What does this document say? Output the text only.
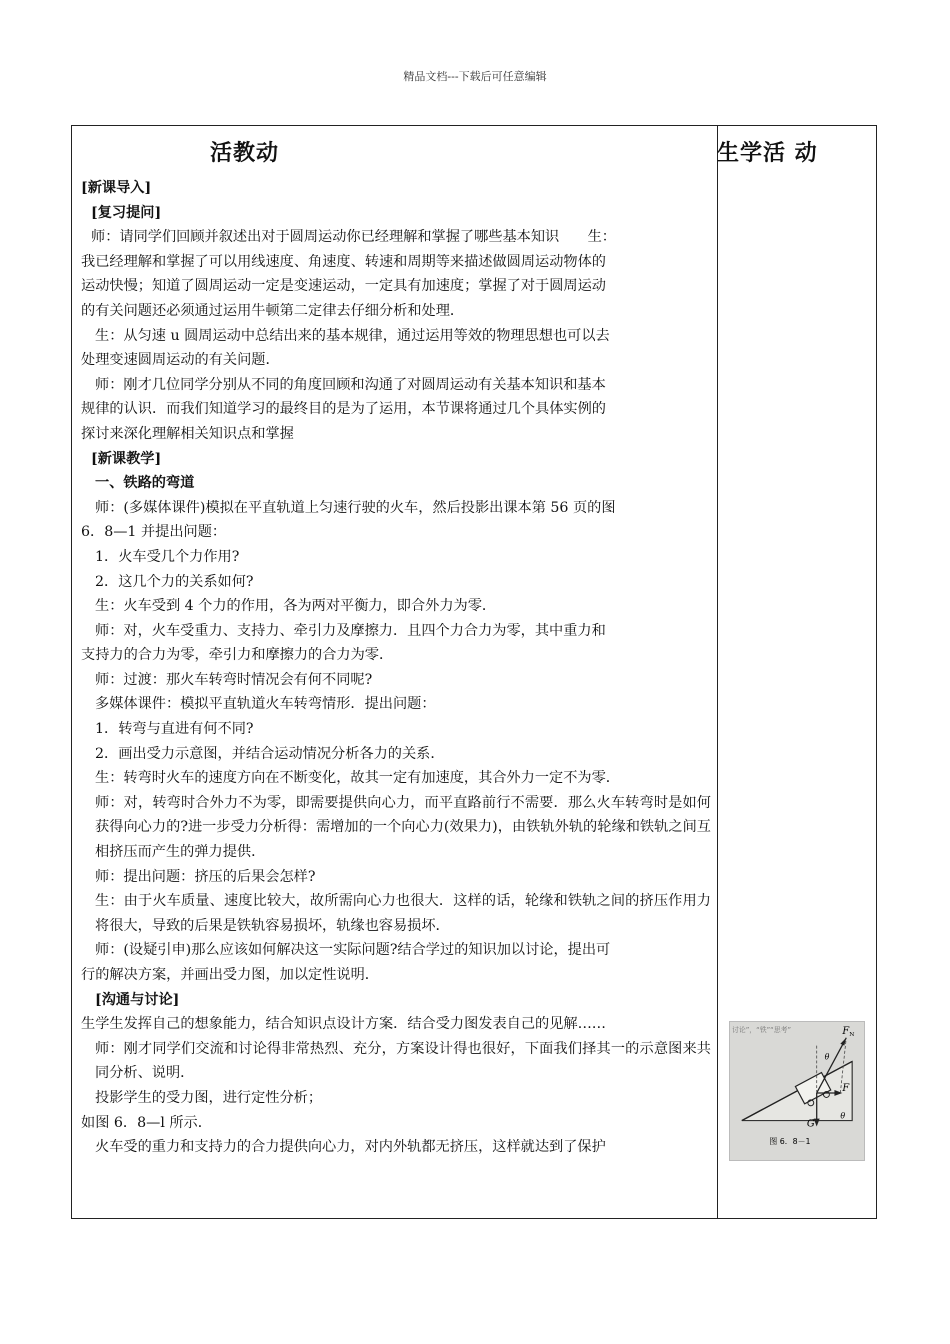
精品文档---下载后可任意编辑
活教动	生学活 动

[新课导入]

[复习提问]

师：请同学们回顾并叙述出对于圆周运动你已经理解和掌握了哪些基本知识　　生：

我已经理解和掌握了可以用线速度、角速度、转速和周期等来描述做圆周运动物体的

运动快慢；知道了圆周运动一定是变速运动，一定具有加速度；掌握了对于圆周运动

的有关问题还必须通过运用牛顿第二定律去仔细分析和处理．

生：从匀速 u 圆周运动中总结出来的基本规律，通过运用等效的物理思想也可以去

处理变速圆周运动的有关问题．

师：刚才几位同学分别从不同的角度回顾和沟通了对圆周运动有关基本知识和基本

规律的认识．而我们知道学习的最终目的是为了运用，本节课将通过几个具体实例的

探讨来深化理解相关知识点和掌握

[新课教学]

一、铁路的弯道

师：(多媒体课件)模拟在平直轨道上匀速行驶的火车，然后投影出课本第 56 页的图

6．8—1 并提出问题：

1．火车受几个力作用?

2．这几个力的关系如何?

生：火车受到 4 个力的作用，各为两对平衡力，即合外力为零．

师：对，火车受重力、支持力、牵引力及摩擦力．且四个力合力为零，其中重力和

支持力的合力为零，牵引力和摩擦力的合力为零．

师：过渡：那火车转弯时情况会有何不同呢?

多媒体课件：模拟平直轨道火车转弯情形．提出问题：

1．转弯与直进有何不同?

2．画出受力示意图，并结合运动情况分析各力的关系．

生：转弯时火车的速度方向在不断变化，故其一定有加速度，其合外力一定不为零．

师：对，转弯时合外力不为零，即需要提供向心力，而平直路前行不需要．那么火车转弯时是如何获得向心力的?进一步受力分析得：需增加的一个向心力(效果力)，由铁轨外轨的轮缘和铁轨之间互相挤压而产生的弹力提供．

师：提出问题：挤压的后果会怎样?

生：由于火车质量、速度比较大，故所需向心力也很大．这样的话，轮缘和铁轨之间的挤压作用力将很大，导致的后果是铁轨容易损坏，轨缘也容易损坏．

师：(设疑引申)那么应该如何解决这一实际问题?结合学过的知识加以讨论，提出可

行的解决方案，并画出受力图，加以定性说明．

[沟通与讨论]

生学生发挥自己的想象能力，结合知识点设计方案．结合受力图发表自己的见解……

师：刚才同学们交流和讨论得非常热烈、充分，方案设计得也很好，下面我们择其一的示意图来共同分析、说明．

投影学生的受力图，进行定性分析；

如图 6．8—l 所示．

火车受的重力和支持力的合力提供向心力，对内外轨都无挤压，这样就达到了保护

讨论”，“铁”“思考”	F N
F
G
θ
θ
图 6．8－1
